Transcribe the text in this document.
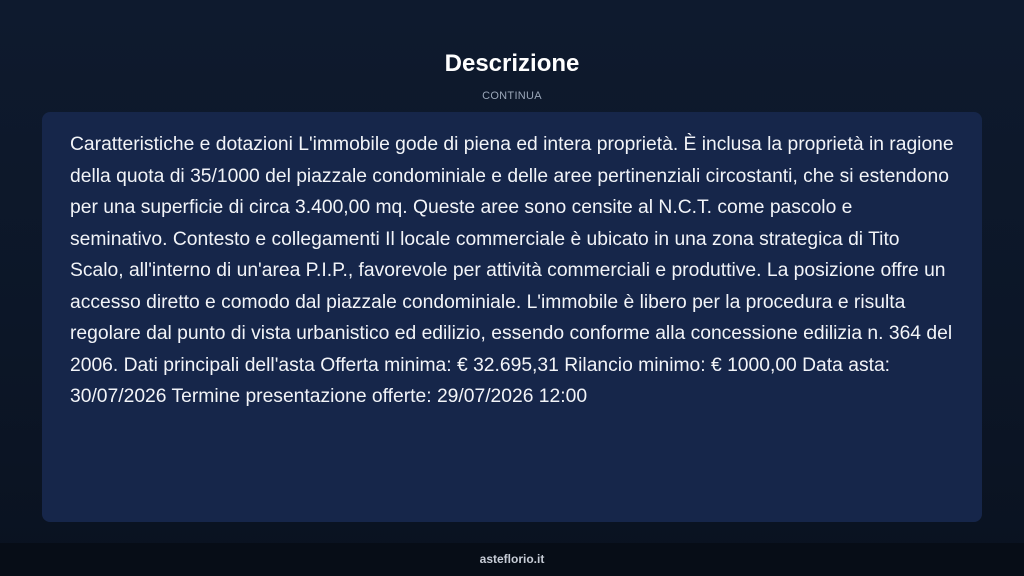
Descrizione
CONTINUA

Caratteristiche e dotazioni L'immobile gode di piena ed intera proprietà. È inclusa la proprietà in ragione della quota di 35/1000 del piazzale condominiale e delle aree pertinenziali circostanti, che si estendono per una superficie di circa 3.400,00 mq. Queste aree sono censite al N.C.T. come pascolo e seminativo. Contesto e collegamenti Il locale commerciale è ubicato in una zona strategica di Tito Scalo, all'interno di un'area P.I.P., favorevole per attività commerciali e produttive. La posizione offre un accesso diretto e comodo dal piazzale condominiale. L'immobile è libero per la procedura e risulta regolare dal punto di vista urbanistico ed edilizio, essendo conforme alla concessione edilizia n. 364 del 2006. Dati principali dell'asta Offerta minima: € 32.695,31 Rilancio minimo: € 1000,00 Data asta: 30/07/2026 Termine presentazione offerte: 29/07/2026 12:00

asteflorio.it
